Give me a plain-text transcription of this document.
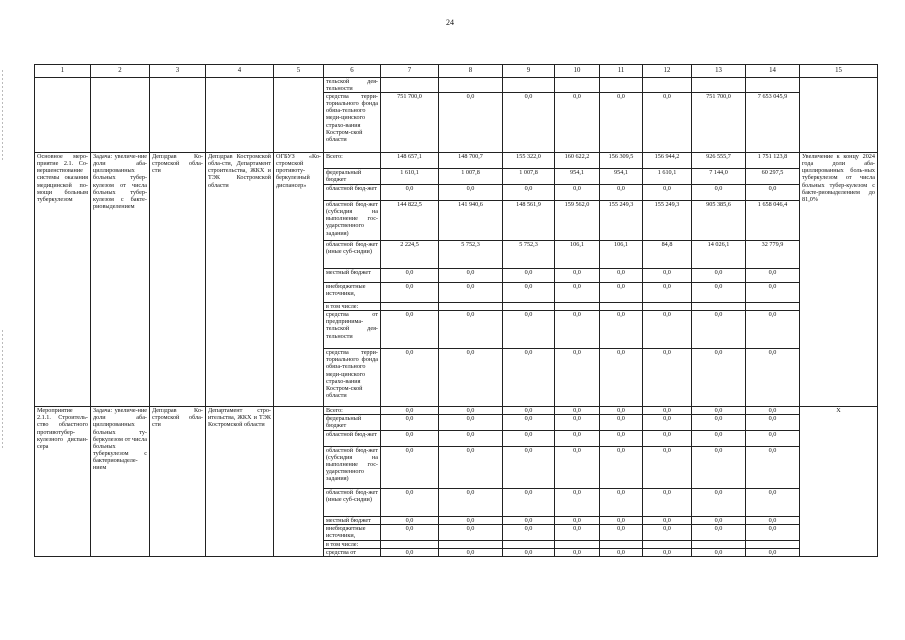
24
1	2	3	4	5	6	7	8	9	10	11	12	13	14	15
					тельской дея-тельности									
					средства терри-ториального фонда обяза-тельного меди-цинского страхо-вания Костром-ской области	751 700,0	0,0	0,0	0,0	0,0	0,0	751 700,0	7 653 045,9	
Основное меро-приятие 2.1. Со-вершенствование системы оказания медицинской по-мощи больным туберкулезом	Задача: увеличе-ние доли аба-циллированных больных тубер-кулезом от числа больных тубер-кулезом с бакте-риовыделением	Депздрав Ко-стромской обла-сти	Депздрав Костромской обла-сти, Департамент строительства, ЖКХ и ТЭК Костромской области	ОГБУЗ «Ко-стромской противоту-беркулезный диспансер»	Всего:	148 657,1	148 700,7	155 322,0	160 622,2	156 309,5	156 944,2	926 555,7	1 751 123,8	Увеличение к концу 2024 года доли аба-циллированных боль-ных туберкулезом от числа больных тубер-кулезом с бакте-риовыделением до 81,0%
					федеральный бюджет	1 610,1	1 007,8	1 007,8	954,1	954,1	1 610,1	7 144,0	60 297,5	
					областной бюд-жет	0,0	0,0	0,0	0,0	0,0	0,0	0,0	0,0	
					областной бюд-жет (субсидия на выполнение гос-ударственного задания)	144 822,5	141 940,6	148 561,9	159 562,0	155 249,3	155 249,3	905 385,6	1 658 046,4	
					областной бюд-жет (иные суб-сидии)	2 224,5	5 752,3	5 752,3	106,1	106,1	84,8	14 026,1	32 779,9	
					местный бюджет	0,0	0,0	0,0	0,0	0,0	0,0	0,0	0,0	
					внебюджетные источники,	0,0	0,0	0,0	0,0	0,0	0,0	0,0	0,0	
					в том числе:									
					средства от предпринима-тельской дея-тельности	0,0	0,0	0,0	0,0	0,0	0,0	0,0	0,0	
					средства терри-ториального фонда обяза-тельного меди-цинского страхо-вания Костром-ской области	0,0	0,0	0,0	0,0	0,0	0,0	0,0	0,0	
Мероприятие 2.1.1. Строитель-ство областного противотубер-кулезного диспан-сера	Задача: увеличе-ние доли аба-циллированных больных ту-беркулезом от числа больных туберкулезом с бактериовыделе-нием	Депздрав Ко-стромской обла-сти	Департамент стро-ительства, ЖКХ и ТЭК Костромской области		Всего:	0,0	0,0	0,0	0,0	0,0	0,0	0,0	0,0	Х
					федеральный бюджет	0,0	0,0	0,0	0,0	0,0	0,0	0,0	0,0	
					областной бюд-жет	0,0	0,0	0,0	0,0	0,0	0,0	0,0	0,0	
					областной бюд-жет (субсидия на выполнение гос-ударственного задания)	0,0	0,0	0,0	0,0	0,0	0,0	0,0	0,0	
					областной бюд-жет (иные суб-сидии)	0,0	0,0	0,0	0,0	0,0	0,0	0,0	0,0	
					местный бюджет	0,0	0,0	0,0	0,0	0,0	0,0	0,0	0,0	
					внебюджетные источники,	0,0	0,0	0,0	0,0	0,0	0,0	0,0	0,0	
					в том числе:									
					средства от	0,0	0,0	0,0	0,0	0,0	0,0	0,0	0,0	
